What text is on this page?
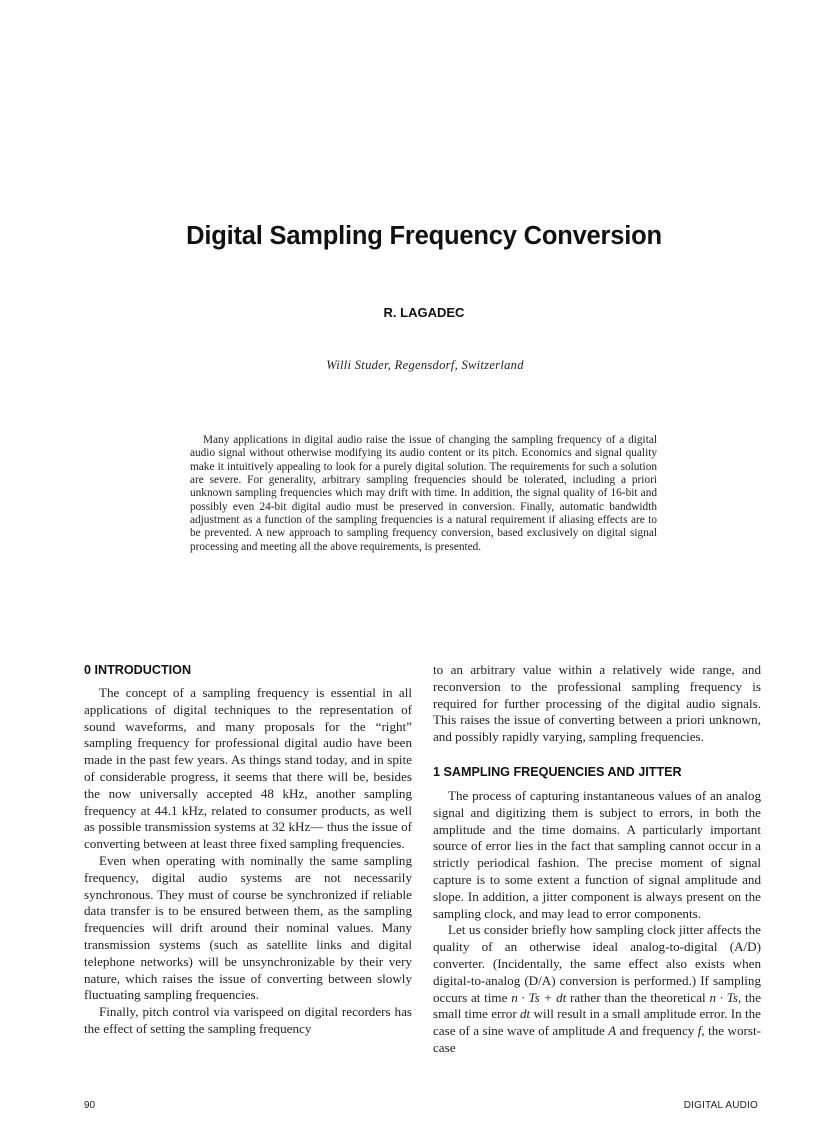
Digital Sampling Frequency Conversion
R. LAGADEC
Willi Studer, Regensdorf, Switzerland
Many applications in digital audio raise the issue of changing the sampling frequency of a digital audio signal without otherwise modifying its audio content or its pitch. Economics and signal quality make it intuitively appealing to look for a purely digital solution. The requirements for such a solution are severe. For generality, arbitrary sampling frequencies should be tolerated, including a priori unknown sampling frequencies which may drift with time. In addition, the signal quality of 16-bit and possibly even 24-bit digital audio must be preserved in conversion. Finally, automatic bandwidth adjustment as a function of the sampling frequencies is a natural requirement if aliasing effects are to be prevented. A new approach to sampling frequency conversion, based exclusively on digital signal processing and meeting all the above requirements, is presented.
0 INTRODUCTION

The concept of a sampling frequency is essential in all applications of digital techniques to the representation of sound waveforms, and many proposals for the “right” sampling frequency for professional digital audio have been made in the past few years. As things stand today, and in spite of considerable progress, it seems that there will be, besides the now universally accepted 48 kHz, another sampling frequency at 44.1 kHz, related to consumer products, as well as possible transmission systems at 32 kHz— thus the issue of converting between at least three fixed sampling frequencies.

Even when operating with nominally the same sampling frequency, digital audio systems are not necessarily synchronous. They must of course be synchronized if reliable data transfer is to be ensured between them, as the sampling frequencies will drift around their nominal values. Many transmission systems (such as satellite links and digital telephone networks) will be unsynchronizable by their very nature, which raises the issue of converting between slowly fluctuating sampling frequencies.

Finally, pitch control via varispeed on digital recorders has the effect of setting the sampling frequency

to an arbitrary value within a relatively wide range, and reconversion to the professional sampling frequency is required for further processing of the digital audio signals. This raises the issue of converting between a priori unknown, and possibly rapidly varying, sampling frequencies.

1 SAMPLING FREQUENCIES AND JITTER

The process of capturing instantaneous values of an analog signal and digitizing them is subject to errors, in both the amplitude and the time domains. A particularly important source of error lies in the fact that sampling cannot occur in a strictly periodical fashion. The precise moment of signal capture is to some extent a function of signal amplitude and slope. In addition, a jitter component is always present on the sampling clock, and may lead to error components.

Let us consider briefly how sampling clock jitter affects the quality of an otherwise ideal analog-to-digital (A/D) converter. (Incidentally, the same effect also exists when digital-to-analog (D/A) conversion is performed.) If sampling occurs at time n · Ts + dt rather than the theoretical n · Ts, the small time error dt will result in a small amplitude error. In the case of a sine wave of amplitude A and frequency f, the worst-case

90	DIGITAL AUDIO
